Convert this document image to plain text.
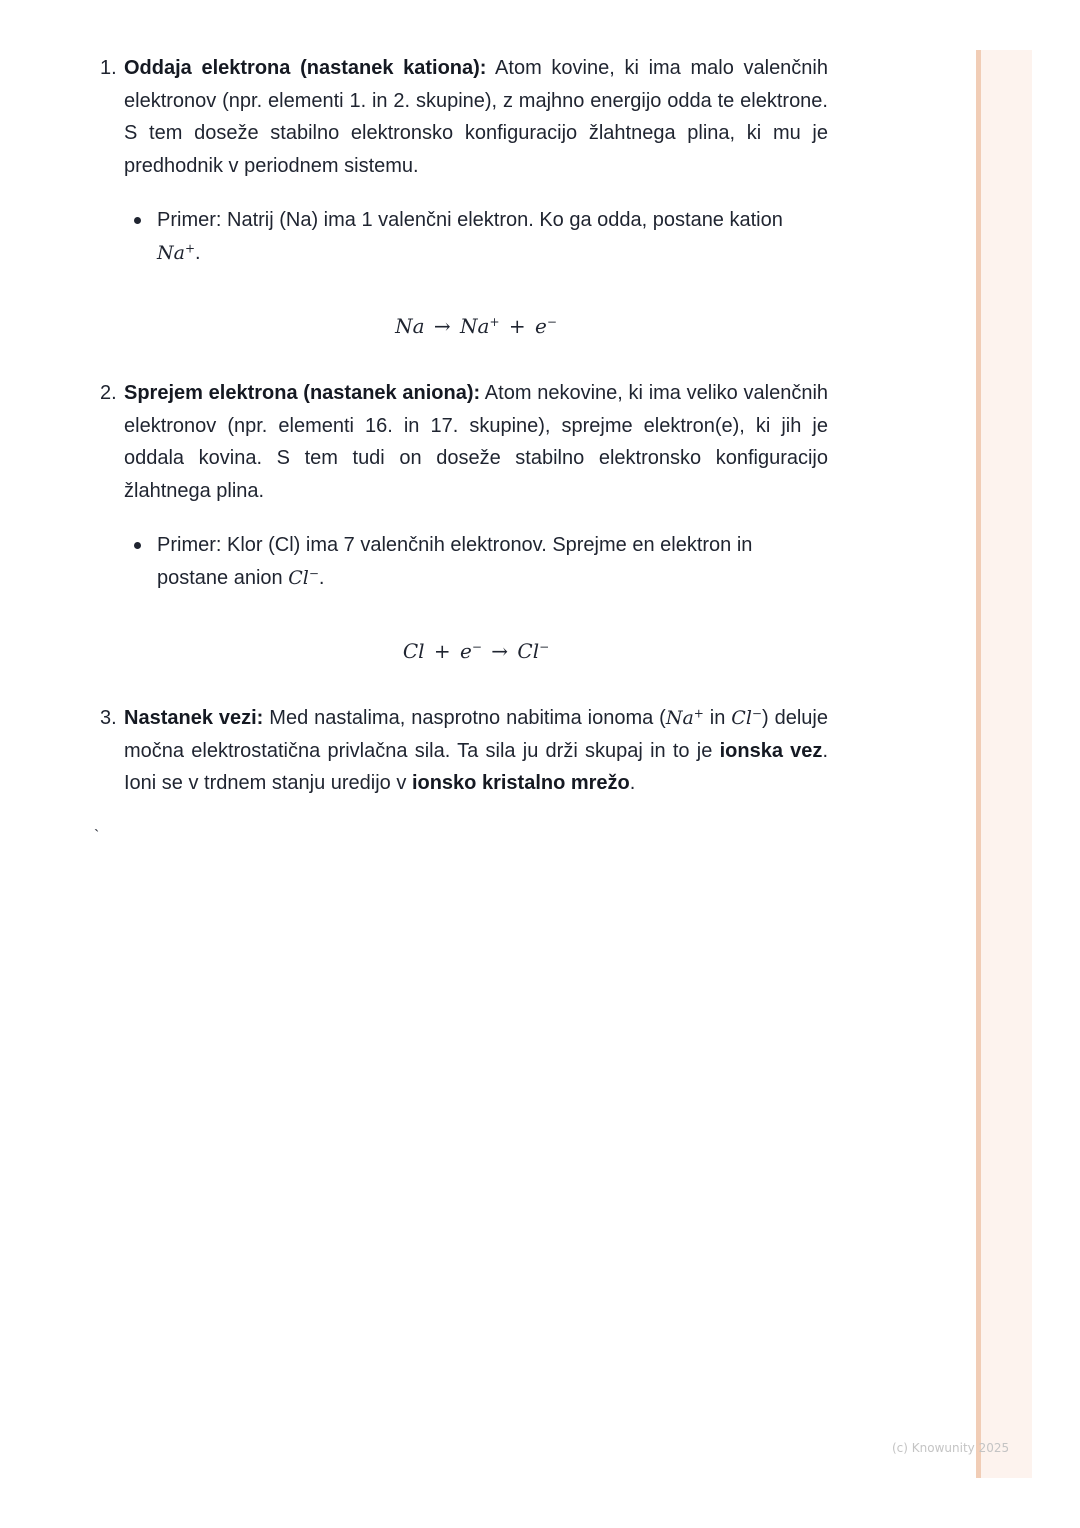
1. Oddaja elektrona (nastanek kationa): Atom kovine, ki ima malo valenčnih elektronov (npr. elementi 1. in 2. skupine), z majhno energijo odda te elektrone. S tem doseže stabilno elektronsko konfiguracijo žlahtnega plina, ki mu je predhodnik v periodnem sistemu.

Primer: Natrij (Na) ima 1 valenčni elektron. Ko ga odda, postane kation Na+.
Na → Na+ + e−
2. Sprejem elektrona (nastanek aniona): Atom nekovine, ki ima veliko valenčnih elektronov (npr. elementi 16. in 17. skupine), sprejme elektron(e), ki jih je oddala kovina. S tem tudi on doseže stabilno elektronsko konfiguracijo žlahtnega plina.

Primer: Klor (Cl) ima 7 valenčnih elektronov. Sprejme en elektron in postane anion Cl−.
Cl + e− → Cl−
3. Nastanek vezi: Med nastalima, nasprotno nabitima ionoma (Na+ in Cl−) deluje močna elektrostatična privlačna sila. Ta sila ju drži skupaj in to je ionska vez. Ioni se v trdnem stanju uredijo v ionsko kristalno mrežo.

`
(c) Knowunity 2025
